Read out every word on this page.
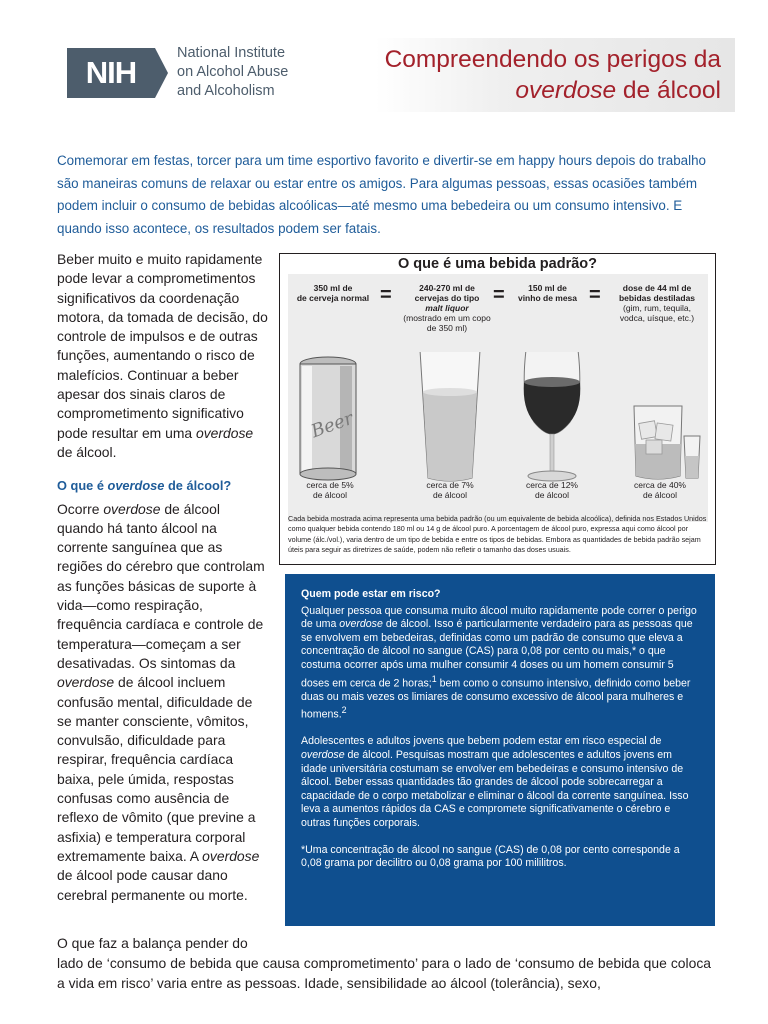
NIH
National Institute
on Alcohol Abuse
and Alcoholism
Compreendendo os perigos da
overdose de álcool
Comemorar em festas, torcer para um time esportivo favorito e divertir-se em happy hours depois do trabalho são maneiras comuns de relaxar ou estar entre os amigos. Para algumas pessoas, essas ocasiões também podem incluir o consumo de bebidas alcoólicas—até mesmo uma bebedeira ou um consumo intensivo. E quando isso acontece, os resultados podem ser fatais.

Beber muito e muito rapidamente pode levar a comprometimentos significativos da coordenação motora, da tomada de decisão, do controle de impulsos e de outras funções, aumentando o risco de malefícios. Continuar a beber apesar dos sinais claros de comprometimento significativo pode resultar em uma overdose de álcool.

O que é overdose de álcool?

Ocorre overdose de álcool quando há tanto álcool na corrente sanguínea que as regiões do cérebro que controlam as funções básicas de suporte à vida—como respiração, frequência cardíaca e controle de temperatura—começam a ser desativadas. Os sintomas da overdose de álcool incluem confusão mental, dificuldade de se manter consciente, vômitos, convulsão, dificuldade para respirar, frequência cardíaca baixa, pele úmida, respostas confusas como ausência de reflexo de vômito (que previne a asfixia) e temperatura corporal extremamente baixa. A overdose de álcool pode causar dano cerebral permanente ou morte.

O que faz a balança pender do
lado de ‘consumo de bebida que causa comprometimento’ para o lado de ‘consumo de bebida que coloca a vida em risco’ varia entre as pessoas. Idade, sensibilidade ao álcool (tolerância), sexo,
O que é uma bebida padrão?
350 ml de
de cerveja normal =	240-270 ml de
cervejas do tipo
malt liquor
(mostrado em um copo de 350 ml)
=	150 ml de
vinho de mesa =	dose de 44 ml de
bebidas destiladas
(gim, rum, tequila, vodca, uísque, etc.)
Beer
cerca de 5%
de álcool
cerca de 7%
de álcool
cerca de 12%
de álcool
cerca de 40%
de álcool
Cada bebida mostrada acima representa uma bebida padrão (ou um equivalente de bebida alcoólica), definida nos Estados Unidos como qualquer bebida contendo 180 ml ou 14 g de álcool puro. A porcentagem de álcool puro, expressa aqui como álcool por volume (álc./vol.), varia dentro de um tipo de bebida e entre os tipos de bebidas. Embora as quantidades de bebida padrão sejam úteis para seguir as diretrizes de saúde, podem não refletir o tamanho das doses usuais.
Quem pode estar em risco?

Qualquer pessoa que consuma muito álcool muito rapidamente pode correr o perigo de uma overdose de álcool. Isso é particularmente verdadeiro para as pessoas que se envolvem em bebedeiras, definidas como um padrão de consumo que eleva a concentração de álcool no sangue (CAS) para 0,08 por cento ou mais,* o que costuma ocorrer após uma mulher consumir 4 doses ou um homem consumir 5 doses em cerca de 2 horas;$^1$ bem como o consumo intensivo, definido como beber duas ou mais vezes os limiares de consumo excessivo de álcool para mulheres e homens.$^2$

Adolescentes e adultos jovens que bebem podem estar em risco especial de overdose de álcool. Pesquisas mostram que adolescentes e adultos jovens em idade universitária costumam se envolver em bebedeiras e consumo intensivo de álcool. Beber essas quantidades tão grandes de álcool pode sobrecarregar a capacidade de o corpo metabolizar e eliminar o álcool da corrente sanguínea. Isso leva a aumentos rápidos da CAS e compromete significativamente o cérebro e outras funções corporais.

*Uma concentração de álcool no sangue (CAS) de 0,08 por cento corresponde a 0,08 grama por decilitro ou 0,08 grama por 100 mililitros.
